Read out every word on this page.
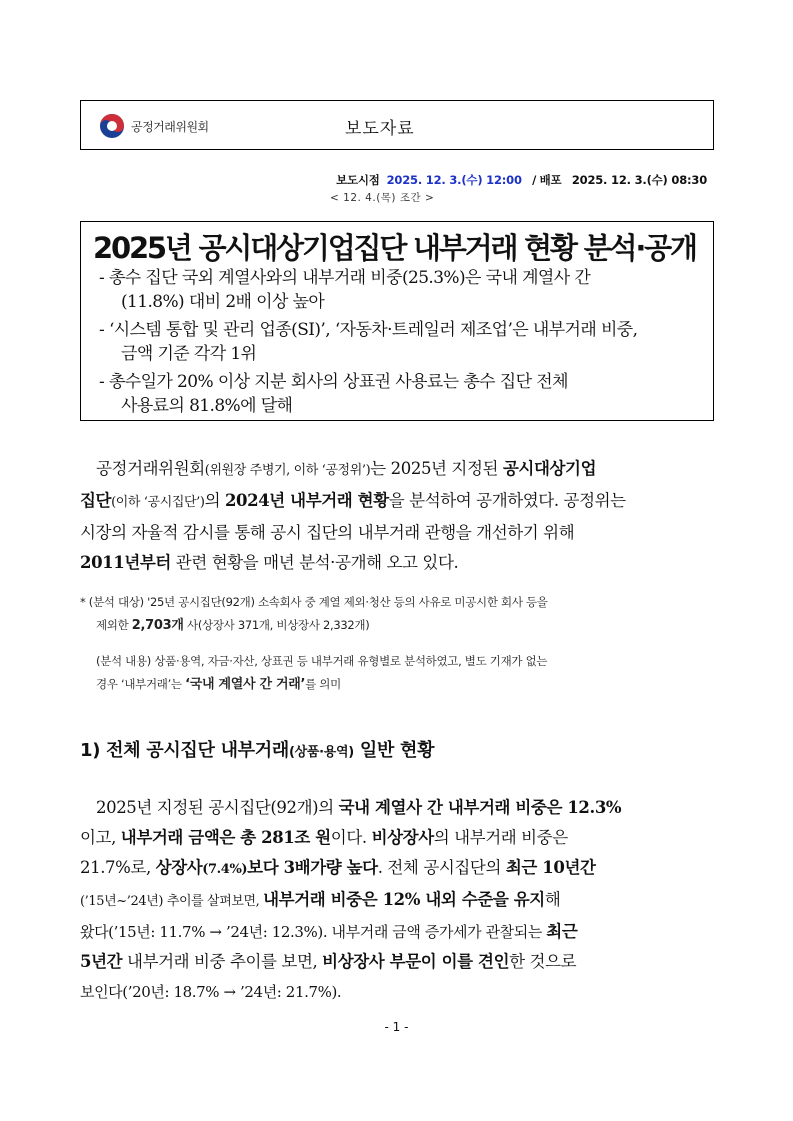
공정거래위원회	보도자료
보도시점 2025. 12. 3.(수) 12:00 / 배포 2025. 12. 3.(수) 08:30
< 12. 4.(목) 조간 >
2025년 공시대상기업집단 내부거래 현황 분석·공개
- 총수 집단 국외 계열사와의 내부거래 비중(25.3%)은 국내 계열사 간
(11.8%) 대비 2배 이상 높아
- ‘시스템 통합 및 관리 업종(SI)’, ‘자동차·트레일러 제조업’은 내부거래 비중,
금액 기준 각각 1위
- 총수일가 20% 이상 지분 회사의 상표권 사용료는 총수 집단 전체
사용료의 81.8%에 달해
공정거래위원회(위원장 주병기, 이하 ‘공정위’)는 2025년 지정된 공시대상기업
집단(이하 ‘공시집단’)의 2024년 내부거래 현황을 분석하여 공개하였다. 공정위는
시장의 자율적 감시를 통해 공시 집단의 내부거래 관행을 개선하기 위해
2011년부터 관련 현황을 매년 분석·공개해 오고 있다.
* (분석 대상) '25년 공시집단(92개) 소속회사 중 계열 제외·청산 등의 사유로 미공시한 회사 등을
제외한 2,703개 사(상장사 371개, 비상장사 2,332개)
(분석 내용) 상품·용역, 자금·자산, 상표권 등 내부거래 유형별로 분석하였고, 별도 기재가 없는
경우 ‘내부거래’는 ‘국내 계열사 간 거래’를 의미
1) 전체 공시집단 내부거래(상품·용역) 일반 현황
2025년 지정된 공시집단(92개)의 국내 계열사 간 내부거래 비중은 12.3%
이고, 내부거래 금액은 총 281조 원이다. 비상장사의 내부거래 비중은
21.7%로, 상장사(7.4%)보다 3배가량 높다. 전체 공시집단의 최근 10년간
(’15년~’24년) 추이를 살펴보면, 내부거래 비중은 12% 내외 수준을 유지해
왔다(’15년: 11.7% → ’24년: 12.3%). 내부거래 금액 증가세가 관찰되는 최근
5년간 내부거래 비중 추이를 보면, 비상장사 부문이 이를 견인한 것으로
보인다(’20년: 18.7% → ’24년: 21.7%).
- 1 -
